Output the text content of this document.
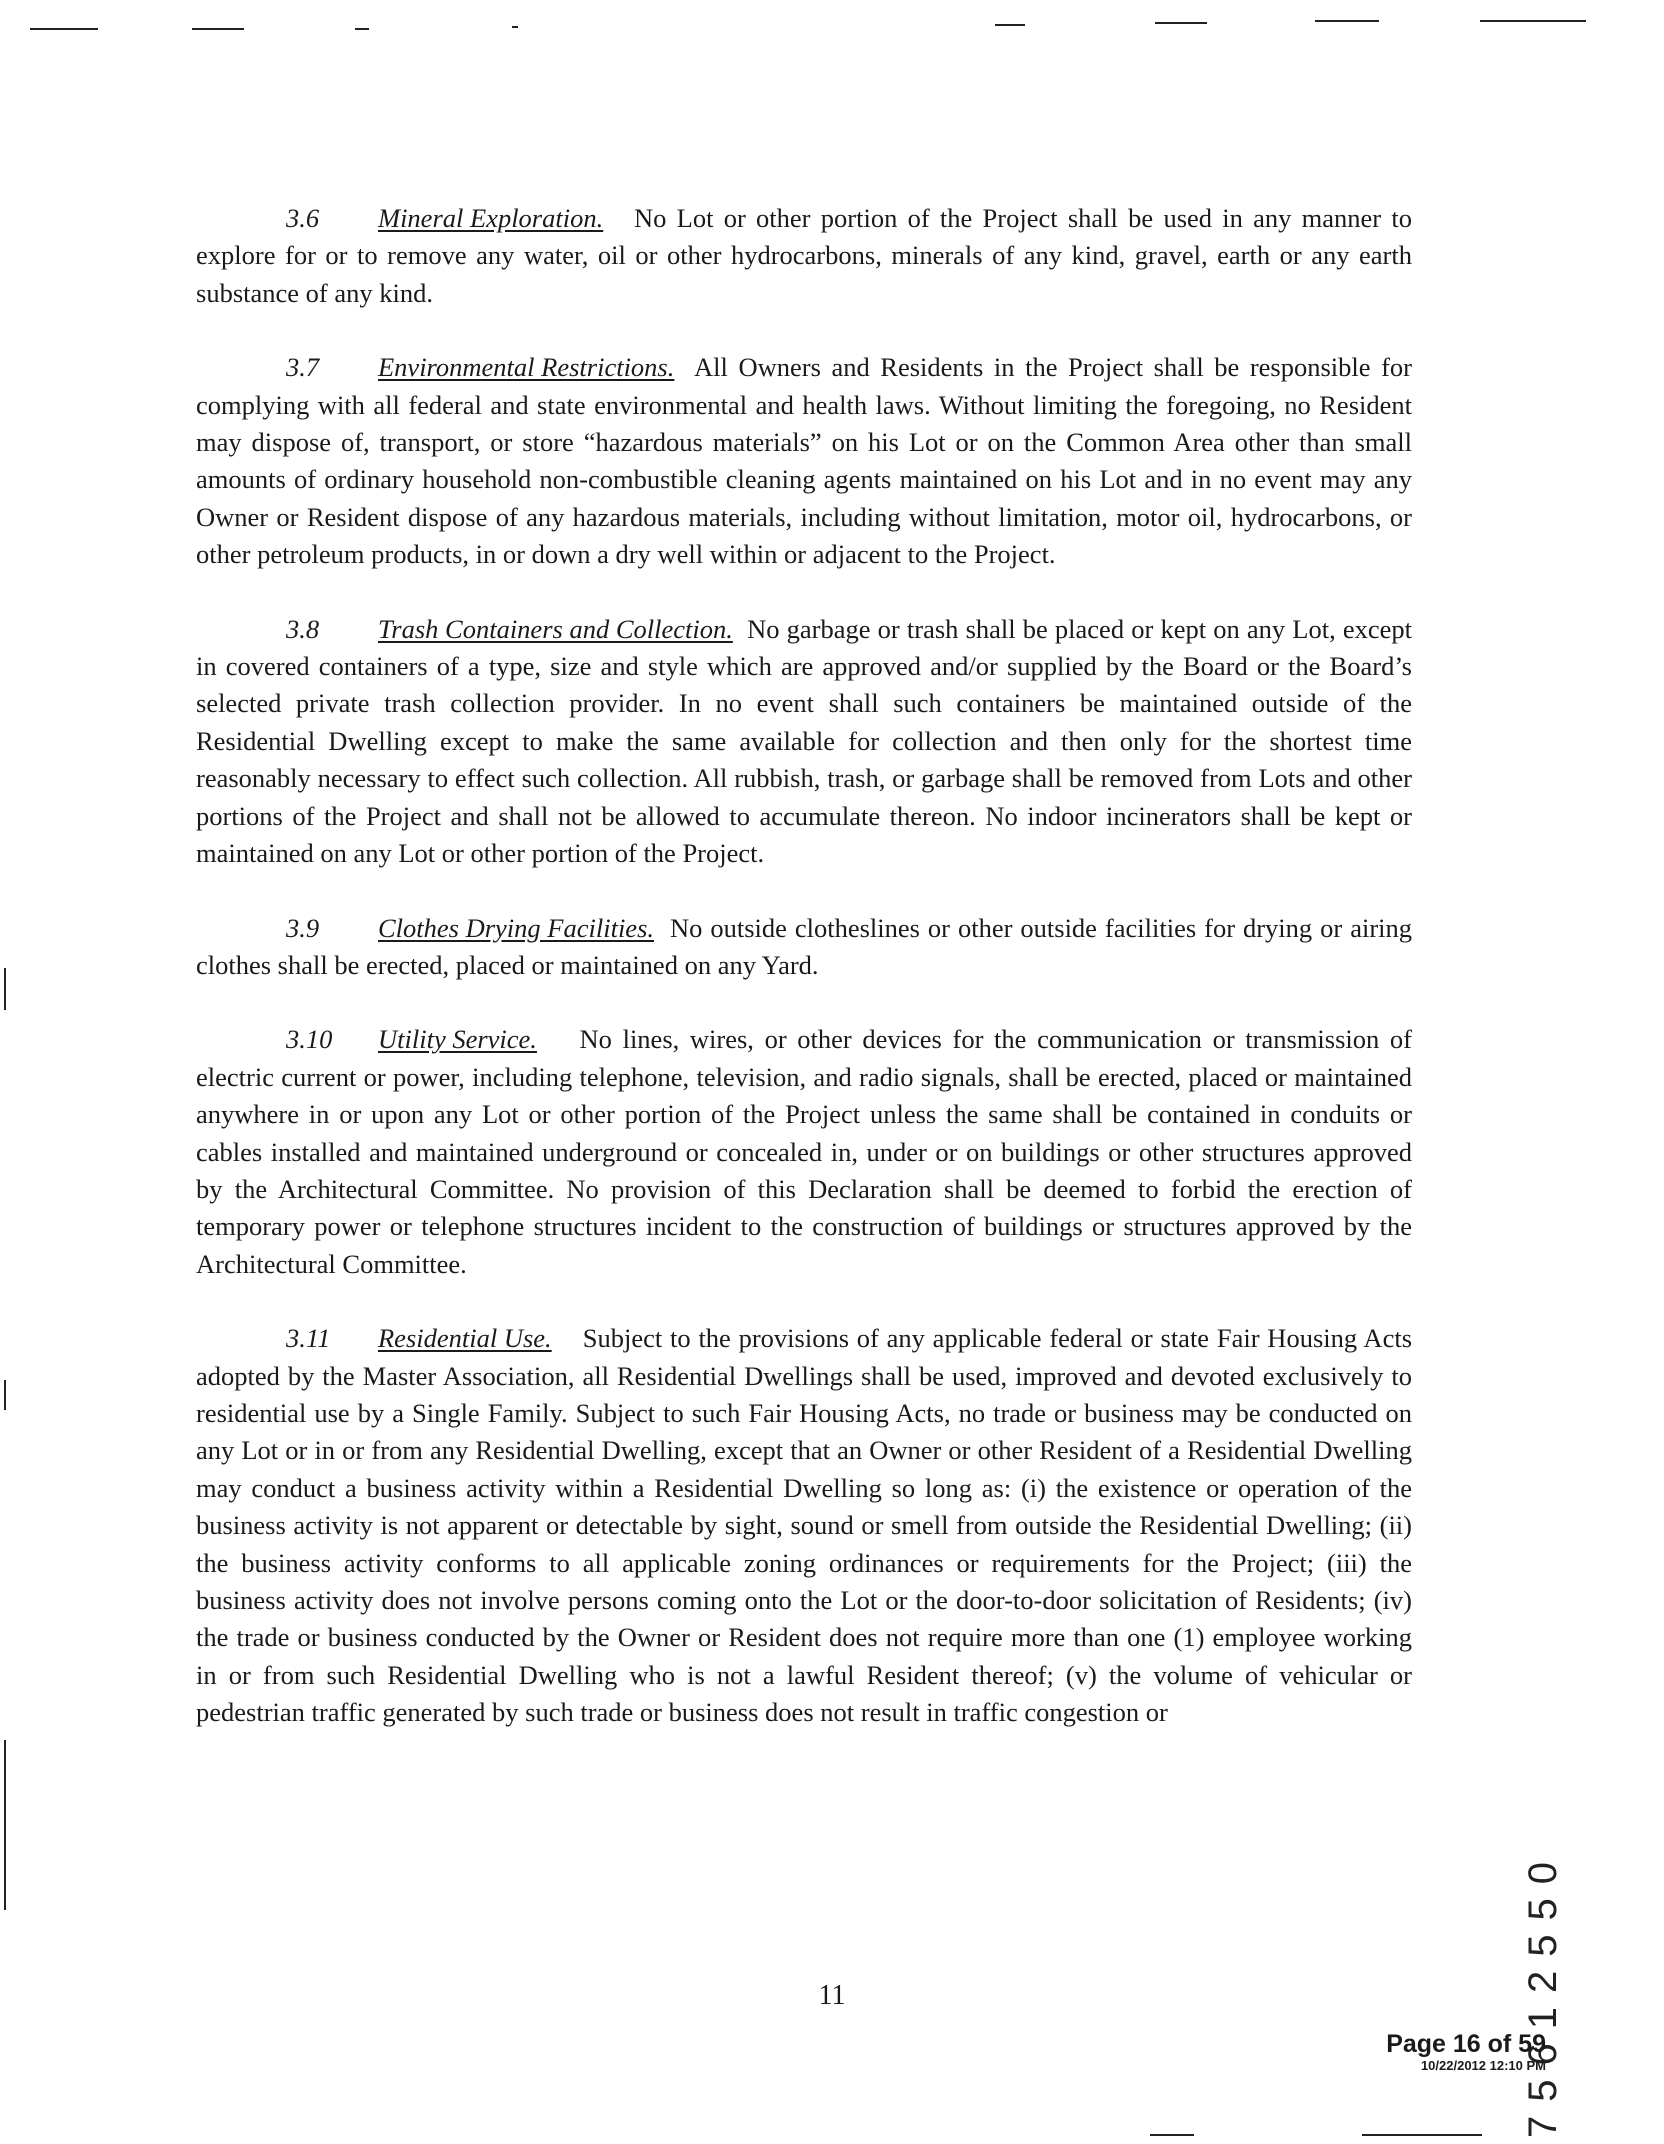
3.6 Mineral Exploration. No Lot or other portion of the Project shall be used in any manner to explore for or to remove any water, oil or other hydrocarbons, minerals of any kind, gravel, earth or any earth substance of any kind.

3.7 Environmental Restrictions. All Owners and Residents in the Project shall be responsible for complying with all federal and state environmental and health laws. Without limiting the foregoing, no Resident may dispose of, transport, or store “hazardous materials” on his Lot or on the Common Area other than small amounts of ordinary household non-combustible cleaning agents maintained on his Lot and in no event may any Owner or Resident dispose of any hazardous materials, including without limitation, motor oil, hydrocarbons, or other petroleum products, in or down a dry well within or adjacent to the Project.

3.8 Trash Containers and Collection. No garbage or trash shall be placed or kept on any Lot, except in covered containers of a type, size and style which are approved and/or supplied by the Board or the Board’s selected private trash collection provider. In no event shall such containers be maintained outside of the Residential Dwelling except to make the same available for collection and then only for the shortest time reasonably necessary to effect such collection. All rubbish, trash, or garbage shall be removed from Lots and other portions of the Project and shall not be allowed to accumulate thereon. No indoor incinerators shall be kept or maintained on any Lot or other portion of the Project.

3.9 Clothes Drying Facilities. No outside clotheslines or other outside facilities for drying or airing clothes shall be erected, placed or maintained on any Yard.

3.10 Utility Service. No lines, wires, or other devices for the communication or transmission of electric current or power, including telephone, television, and radio signals, shall be erected, placed or maintained anywhere in or upon any Lot or other portion of the Project unless the same shall be contained in conduits or cables installed and maintained underground or concealed in, under or on buildings or other structures approved by the Architectural Committee. No provision of this Declaration shall be deemed to forbid the erection of temporary power or telephone structures incident to the construction of buildings or structures approved by the Architectural Committee.

3.11 Residential Use. Subject to the provisions of any applicable federal or state Fair Housing Acts adopted by the Master Association, all Residential Dwellings shall be used, improved and devoted exclusively to residential use by a Single Family. Subject to such Fair Housing Acts, no trade or business may be conducted on any Lot or in or from any Residential Dwelling, except that an Owner or other Resident of a Residential Dwelling may conduct a business activity within a Residential Dwelling so long as: (i) the existence or operation of the business activity is not apparent or detectable by sight, sound or smell from outside the Residential Dwelling; (ii) the business activity conforms to all applicable zoning ordinances or requirements for the Project; (iii) the business activity does not involve persons coming onto the Lot or the door-to-door solicitation of Residents; (iv) the trade or business conducted by the Owner or Resident does not require more than one (1) employee working in or from such Residential Dwelling who is not a lawful Resident thereof; (v) the volume of vehicular or pedestrian traffic generated by such trade or business does not result in traffic congestion or

75612550
11
Page 16 of 59
10/22/2012 12:10 PM
